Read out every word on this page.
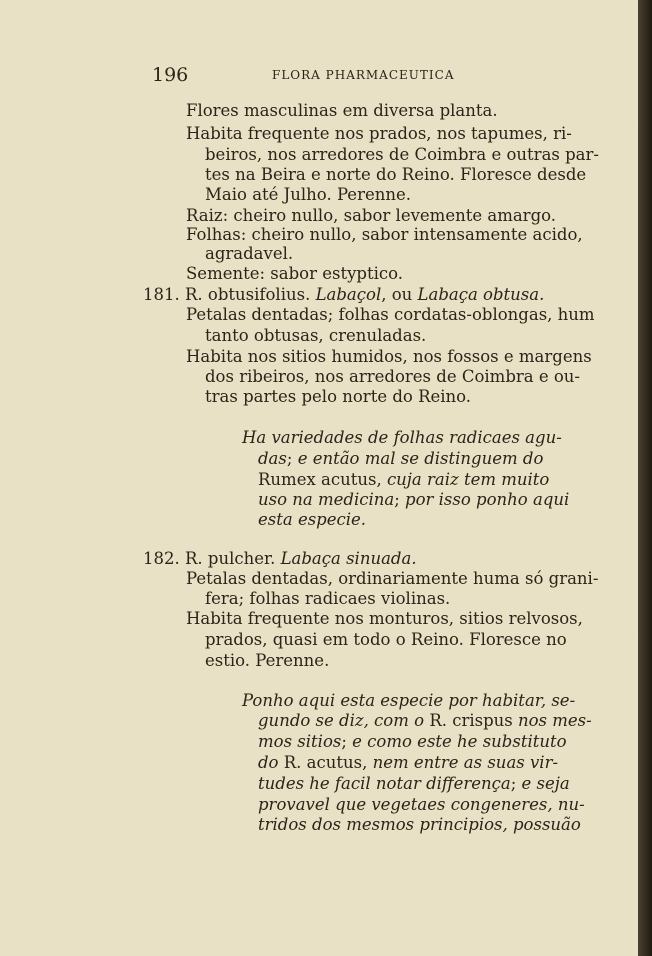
196	FLORA PHARMACEUTICA
Flores masculinas em diversa planta.
Habita frequente nos prados, nos tapumes, ri-
beiros, nos arredores de Coimbra e outras par-
tes na Beira e norte do Reino. Floresce desde
Maio até Julho. Perenne.
Raiz: cheiro nullo, sabor levemente amargo.
Folhas: cheiro nullo, sabor intensamente acido,
agradavel.
Semente: sabor estyptico.
181. R. obtusifolius. Labaçol, ou Labaça obtusa.
Petalas dentadas; folhas cordatas-oblongas, hum
tanto obtusas, crenuladas.
Habita nos sitios humidos, nos fossos e margens
dos ribeiros, nos arredores de Coimbra e ou-
tras partes pelo norte do Reino.
Ha variedades de folhas radicaes agu-
das; e então mal se distinguem do
Rumex acutus, cuja raiz tem muito
uso na medicina; por isso ponho aqui
esta especie.
182. R. pulcher. Labaça sinuada.
Petalas dentadas, ordinariamente huma só grani-
fera; folhas radicaes violinas.
Habita frequente nos monturos, sitios relvosos,
prados, quasi em todo o Reino. Floresce no
estio. Perenne.
Ponho aqui esta especie por habitar, se-
gundo se diz, com o R. crispus nos mes-
mos sitios; e como este he substituto
do R. acutus, nem entre as suas vir-
tudes he facil notar differença; e seja
provavel que vegetaes congeneres, nu-
tridos dos mesmos principios, possuão
